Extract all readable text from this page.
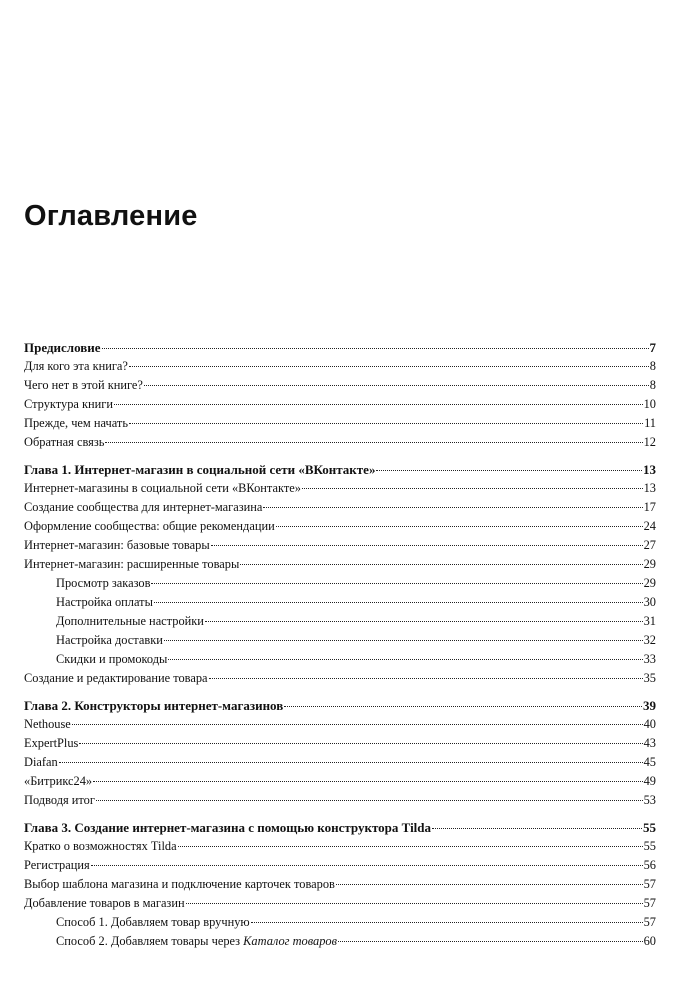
Оглавление
Предисловие	7
Для кого эта книга?	8
Чего нет в этой книге?	8
Структура книги	10
Прежде, чем начать	11
Обратная связь	12
Глава 1. Интернет-магазин в социальной сети «ВКонтакте»	13
Интернет-магазины в социальной сети «ВКонтакте»	13
Создание сообщества для интернет-магазина	17
Оформление сообщества: общие рекомендации	24
Интернет-магазин: базовые товары	27
Интернет-магазин: расширенные товары	29
Просмотр заказов	29
Настройка оплаты	30
Дополнительные настройки	31
Настройка доставки	32
Скидки и промокоды	33
Создание и редактирование товара	35
Глава 2. Конструкторы интернет-магазинов	39
Nethouse	40
ExpertPlus	43
Diafan	45
«Битрикс24»	49
Подводя итог	53
Глава 3. Создание интернет-магазина с помощью конструктора Tilda	55
Кратко о возможностях Tilda	55
Регистрация	56
Выбор шаблона магазина и подключение карточек товаров	57
Добавление товаров в магазин	57
Способ 1. Добавляем товар вручную	57
Способ 2. Добавляем товары через Каталог товаров	60
